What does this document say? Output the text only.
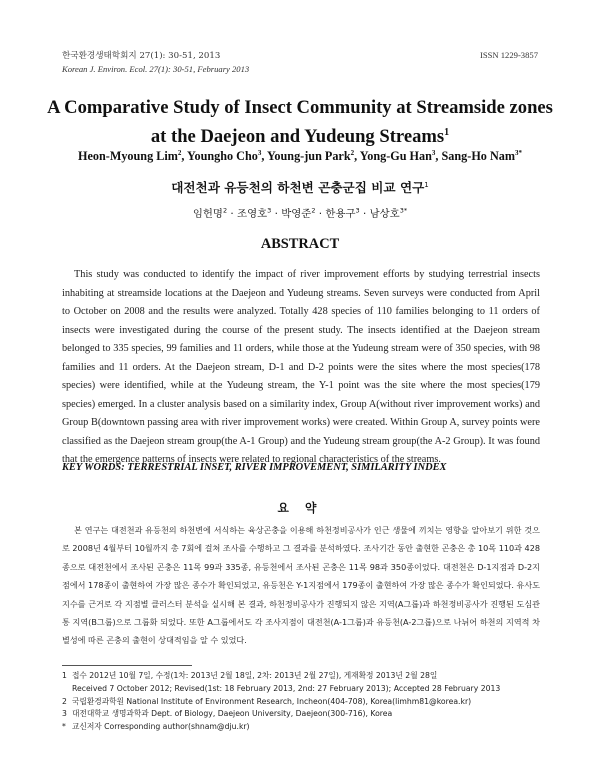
한국환경생태학회지 27(1): 30-51, 2013
Korean J. Environ. Ecol. 27(1): 30-51, February 2013
ISSN 1229-3857
A Comparative Study of Insect Community at Streamside zones
at the Daejeon and Yudeung Streams$^1$
Heon-Myoung Lim$^2$, Youngho Cho$^3$, Young-jun Park$^2$, Yong-Gu Han$^3$, Sang-Ho Nam$^{3*}$
대전천과 유등천의 하천변 곤충군집 비교 연구$^1$
임헌명$^2$ · 조영호$^3$ · 박영준$^2$ · 한용구$^3$ · 남상호$^{3*}$
ABSTRACT
This study was conducted to identify the impact of river improvement efforts by studying terrestrial insects inhabiting at streamside locations at the Daejeon and Yudeung streams. Seven surveys were conducted from April to October on 2008 and the results were analyzed. Totally 428 species of 110 families belonging to 11 orders of insects were investigated during the course of the present study. The insects identified at the Daejeon stream belonged to 335 species, 99 families and 11 orders, while those at the Yudeung stream were of 350 species, with 98 families and 11 orders. At the Daejeon stream, D-1 and D-2 points were the sites where the most species(178 species) were identified, while at the Yudeung stream, the Y-1 point was the site where the most species(179 species) emerged. In a cluster analysis based on a similarity index, Group A(without river improvement works) and Group B(downtown passing area with river improvement works) were created. Within Group A, survey points were classified as the Daejeon stream group(the A-1 Group) and the Yudeung stream group(the A-2 Group). It was found that the emergence patterns of insects were related to regional characteristics of the streams.
KEY WORDS: TERRESTRIAL INSET, RIVER IMPROVEMENT, SIMILARITY INDEX
요 약
본 연구는 대전천과 유등천의 하천변에 서식하는 육상곤충을 이용해 하천정비공사가 인근 생물에 끼치는 영향을 알아보기 위한 것으로 2008년 4월부터 10월까지 총 7회에 걸쳐 조사를 수행하고 그 결과를 분석하였다. 조사기간 동안 출현한 곤충은 총 10목 110과 428종으로 대전천에서 조사된 곤충은 11목 99과 335종, 유등천에서 조사된 곤충은 11목 98과 350종이었다. 대전천은 D-1지점과 D-2지점에서 178종이 출현하여 가장 많은 종수가 확인되었고, 유등천은 Y-1지점에서 179종이 출현하여 가장 많은 종수가 확인되었다. 유사도 지수를 근거로 각 지점별 클러스터 분석을 실시해 본 결과, 하천정비공사가 진행되지 않은 지역(A그룹)과 하천정비공사가 진행된 도심관통 지역(B그룹)으로 그룹화 되었다. 또한 A그룹에서도 각 조사지점이 대전천(A-1그룹)과 유등천(A-2그룹)으로 나뉘어 하천의 지역적 차별성에 따른 곤충의 출현이 상대적임을 알 수 있었다.
1 접수 2012년 10월 7일, 수정(1차: 2013년 2월 18일, 2차: 2013년 2월 27일), 게재확정 2013년 2월 28일
Received 7 October 2012; Revised(1st: 18 February 2013, 2nd: 27 February 2013); Accepted 28 February 2013
2 국립환경과학원 National Institute of Environment Research, Incheon(404-708), Korea(limhm81@korea.kr)
3 대전대학교 생명과학과 Dept. of Biology, Daejeon University, Daejeon(300-716), Korea
* 교신저자 Corresponding author(shnam@dju.kr)
